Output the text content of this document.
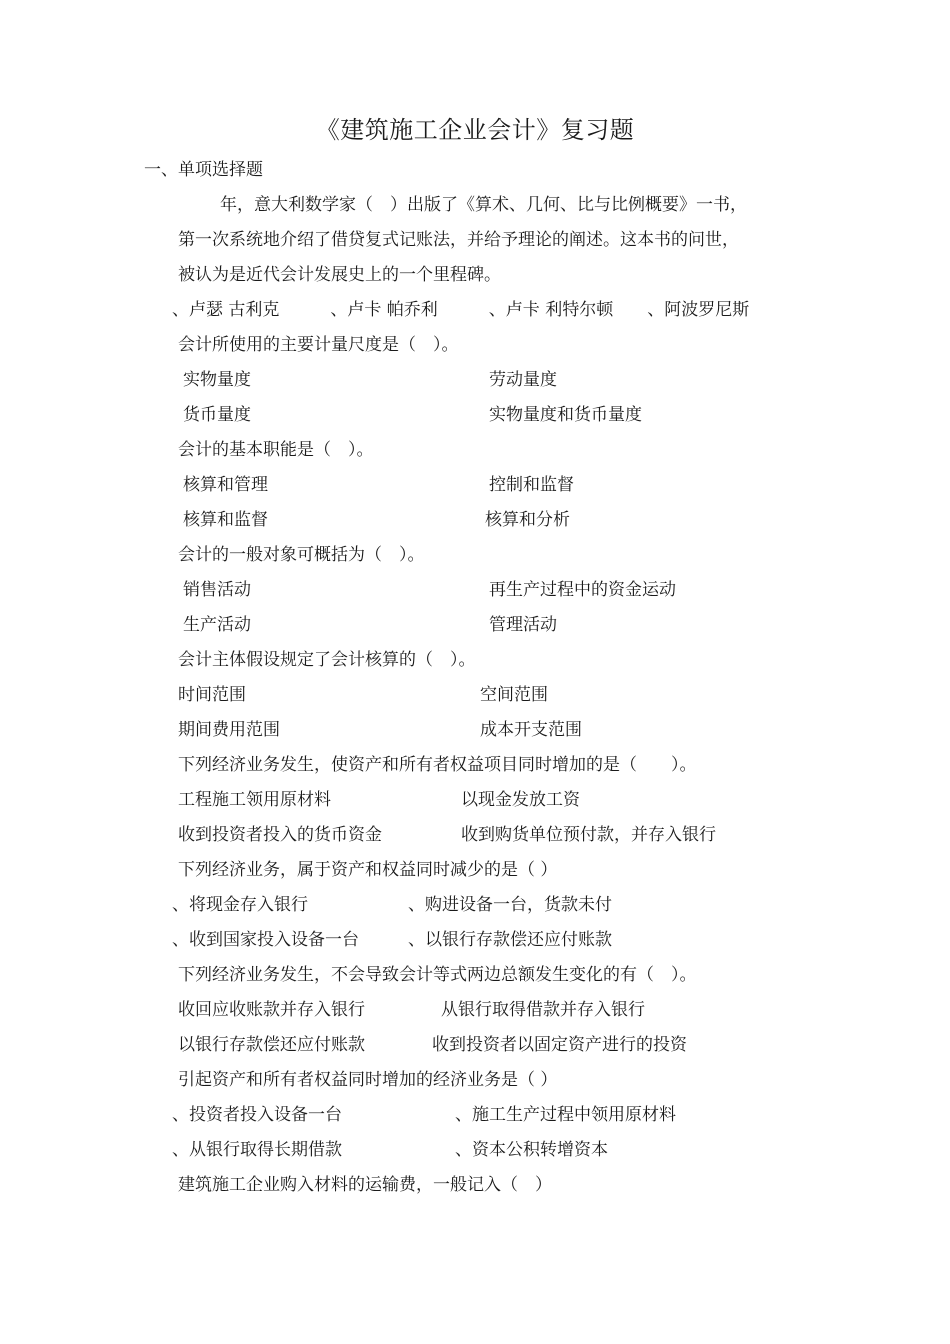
《建筑施工企业会计》复习题
一、单项选择题
年，意大利数学家（　）出版了《算术、几何、比与比例概要》一书，
第一次系统地介绍了借贷复式记账法，并给予理论的阐述。这本书的问世，
被认为是近代会计发展史上的一个里程碑。
、卢瑟 古利克　　　、卢卡 帕乔利　　　、卢卡 利特尔顿　　、阿波罗尼斯
会计所使用的主要计量尺度是（　）。
实物量度	劳动量度
货币量度	实物量度和货币量度
会计的基本职能是（　）。
核算和管理	控制和监督
核算和监督	核算和分析
会计的一般对象可概括为（　）。
销售活动	再生产过程中的资金运动
生产活动	管理活动
会计主体假设规定了会计核算的（　）。
时间范围	空间范围
期间费用范围	成本开支范围
下列经济业务发生，使资产和所有者权益项目同时增加的是（　　）。
工程施工领用原材料	以现金发放工资
收到投资者投入的货币资金	收到购货单位预付款，并存入银行
下列经济业务，属于资产和权益同时减少的是（ ）
、将现金存入银行	、购进设备一台，货款未付
、收到国家投入设备一台	、以银行存款偿还应付账款
下列经济业务发生，不会导致会计等式两边总额发生变化的有（　）。
收回应收账款并存入银行	从银行取得借款并存入银行
以银行存款偿还应付账款	收到投资者以固定资产进行的投资
引起资产和所有者权益同时增加的经济业务是（ ）
、投资者投入设备一台	、施工生产过程中领用原材料
、从银行取得长期借款	、资本公积转增资本
建筑施工企业购入材料的运输费，一般记入（　）
